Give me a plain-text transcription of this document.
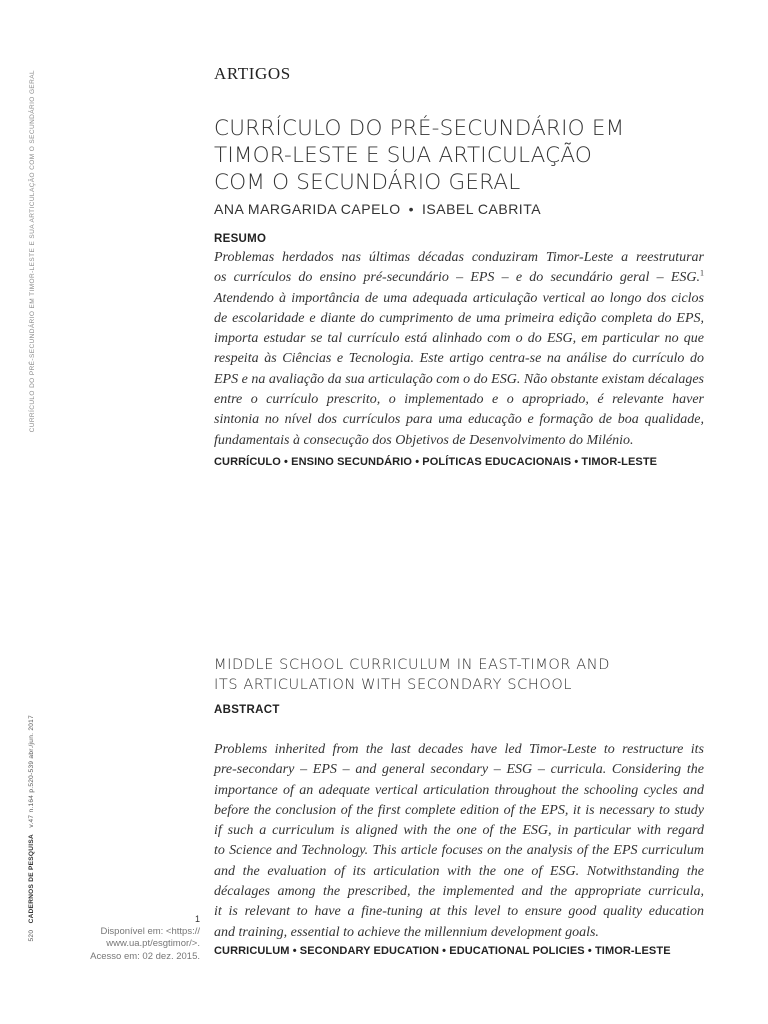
CURRÍCULO DO PRÉ-SECUNDÁRIO EM TIMOR-LESTE E SUA ARTICULAÇÃO COM O SECUNDÁRIO GERAL
520   CADERNOS DE PESQUISA   v.47 n.164 p.520-539 abr./jun. 2017
ARTIGOS
CURRÍCULO DO PRÉ-SECUNDÁRIO EM
TIMOR-LESTE E SUA ARTICULAÇÃO
COM O SECUNDÁRIO GERAL
ANA MARGARIDA CAPELO • ISABEL CABRITA
RESUMO
Problemas herdados nas últimas décadas conduziram Timor-Leste a reestruturar
os currículos do ensino pré-secundário – EPS – e do secundário geral – ESG.$^1$
Atendendo à importância de uma adequada articulação vertical ao longo dos ciclos
de escolaridade e diante do cumprimento de uma primeira edição completa do EPS,
importa estudar se tal currículo está alinhado com o do ESG, em particular no que
respeita às Ciências e Tecnologia. Este artigo centra-se na análise do currículo do
EPS e na avaliação da sua articulação com o do ESG. Não obstante existam décalages
entre o currículo prescrito, o implementado e o apropriado, é relevante haver
sintonia no nível dos currículos para uma educação e formação de boa qualidade,
fundamentais à consecução dos Objetivos de Desenvolvimento do Milénio.
CURRÍCULO • ENSINO SECUNDÁRIO • POLÍTICAS EDUCACIONAIS • TIMOR-LESTE
MIDDLE SCHOOL CURRICULUM IN EAST-TIMOR AND
ITS ARTICULATION WITH SECONDARY SCHOOL
ABSTRACT
Problems inherited from the last decades have led Timor-Leste to restructure its
pre-secondary – EPS – and general secondary – ESG – curricula. Considering the
importance of an adequate vertical articulation throughout the schooling cycles and
before the conclusion of the first complete edition of the EPS, it is necessary to study
if such a curriculum is aligned with the one of the ESG, in particular with regard
to Science and Technology. This article focuses on the analysis of the EPS curriculum
and the evaluation of its articulation with the one of ESG. Notwithstanding the
décalages among the prescribed, the implemented and the appropriate curricula,
it is relevant to have a fine-tuning at this level to ensure good quality education
and training, essential to achieve the millennium development goals.
CURRICULUM • SECONDARY EDUCATION • EDUCATIONAL POLICIES • TIMOR-LESTE
1
Disponível em: <https://
www.ua.pt/esgtimor/>.
Acesso em: 02 dez. 2015.
